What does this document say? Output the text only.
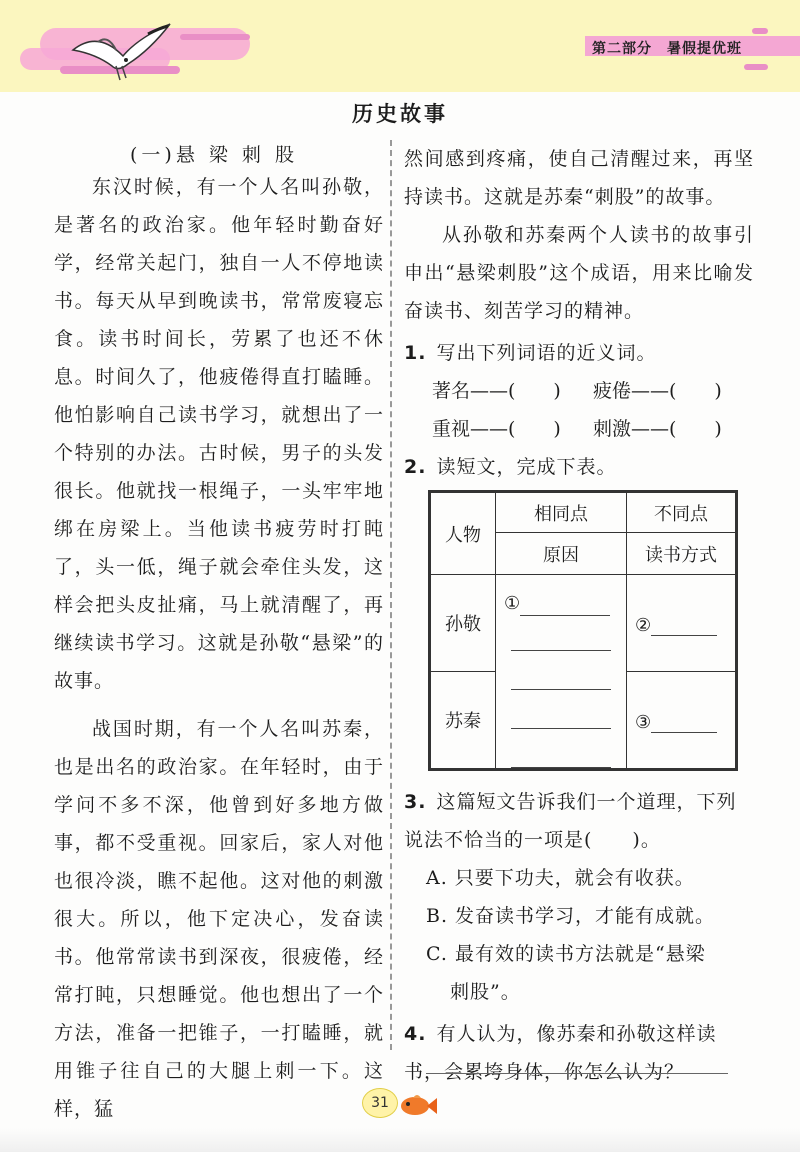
第二部分　暑假提优班
历史故事
(一)悬 梁 刺 股

东汉时候，有一个人名叫孙敬，是著名的政治家。他年轻时勤奋好学，经常关起门，独自一人不停地读书。每天从早到晚读书，常常废寝忘食。读书时间长，劳累了也还不休息。时间久了，他疲倦得直打瞌睡。他怕影响自己读书学习，就想出了一个特别的办法。古时候，男子的头发很长。他就找一根绳子，一头牢牢地绑在房梁上。当他读书疲劳时打盹了，头一低，绳子就会牵住头发，这样会把头皮扯痛，马上就清醒了，再继续读书学习。这就是孙敬“悬梁”的故事。

战国时期，有一个人名叫苏秦，也是出名的政治家。在年轻时，由于学问不多不深，他曾到好多地方做事，都不受重视。回家后，家人对他也很冷淡，瞧不起他。这对他的刺激很大。所以，他下定决心，发奋读书。他常常读书到深夜，很疲倦，经常打盹，只想睡觉。他也想出了一个方法，准备一把锥子，一打瞌睡，就用锥子往自己的大腿上刺一下。这样，猛

然间感到疼痛，使自己清醒过来，再坚持读书。这就是苏秦“刺股”的故事。

从孙敬和苏秦两个人读书的故事引申出“悬梁刺股”这个成语，用来比喻发奋读书、刻苦学习的精神。

1. 写出下列词语的近义词。
著名——(　　)	疲倦——(　　)
重视——(　　)	刺激——(　　)
2. 读短文，完成下表。
人物	相同点	不同点
	原因	读书方式
孙敬	①	②
苏秦		③
3. 这篇短文告诉我们一个道理，下列说法不恰当的一项是(　　)。
A. 只要下功夫，就会有收获。
B. 发奋读书学习，才能有成就。
C. 最有效的读书方法就是“悬梁
刺股”。
4. 有人认为，像苏秦和孙敬这样读书，会累垮身体，你怎么认为？
31
